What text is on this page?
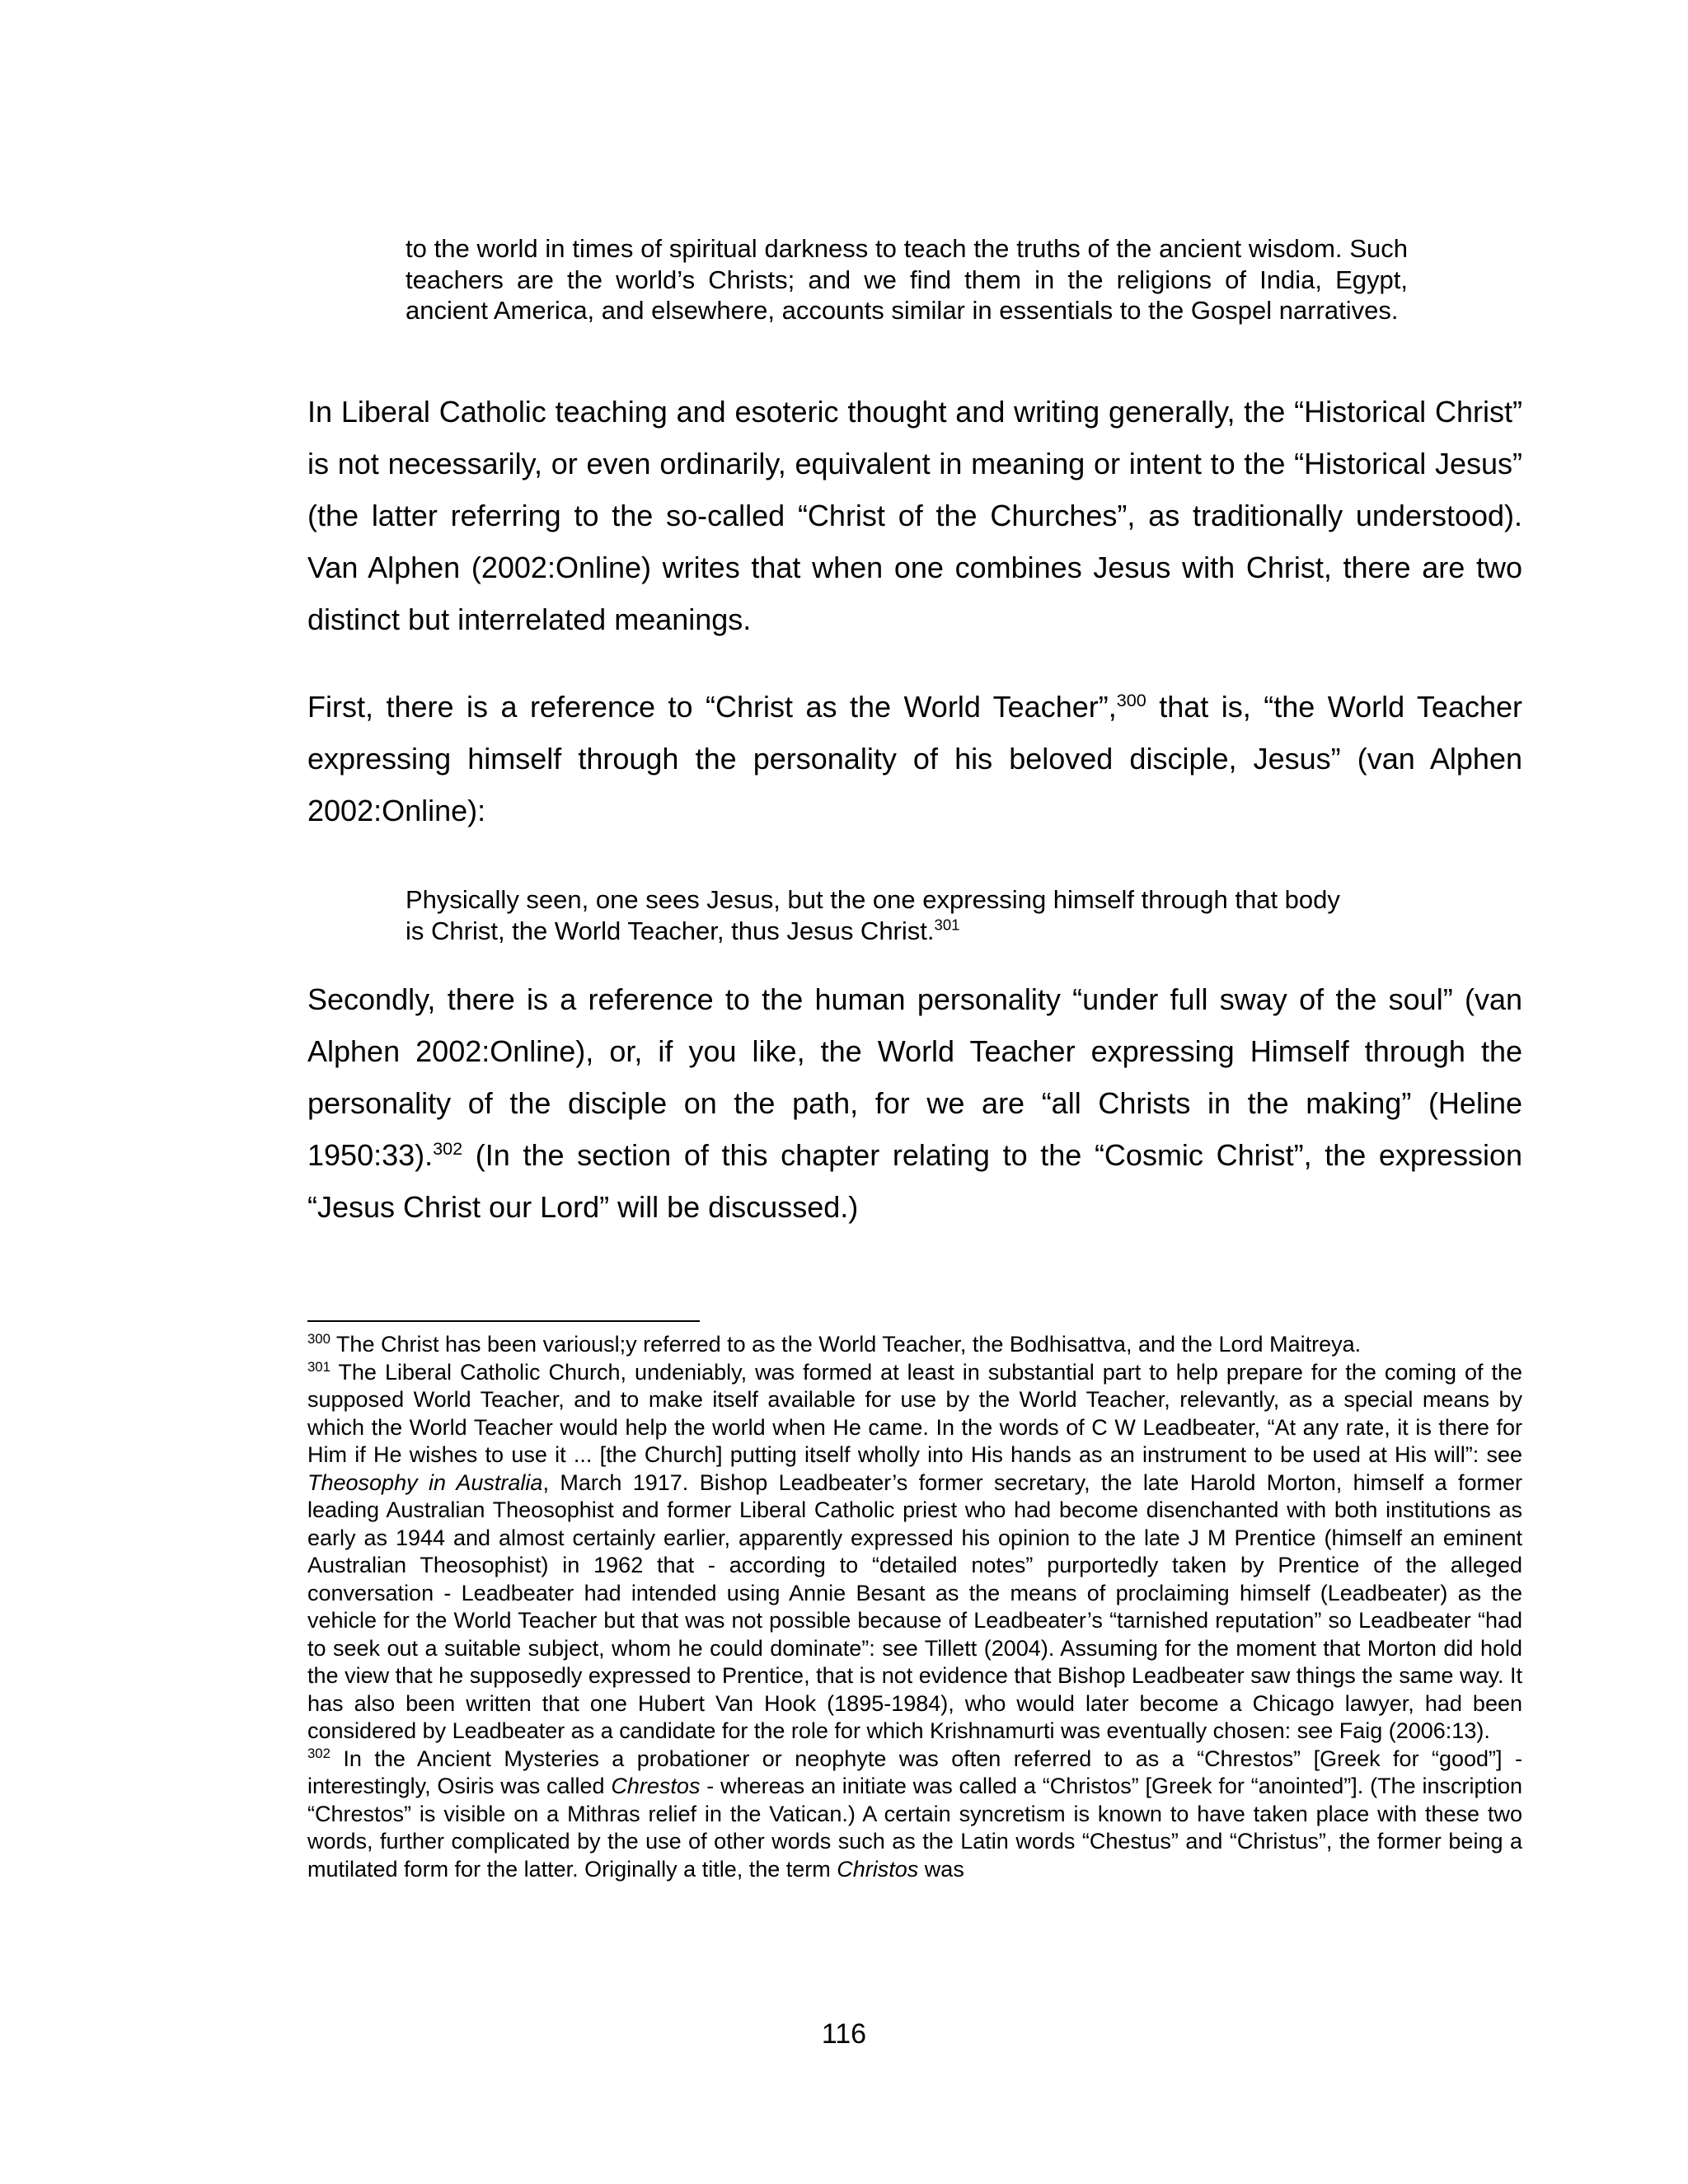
to the world in times of spiritual darkness to teach the truths of the ancient wisdom. Such teachers are the world’s Christs; and we find them in the religions of India, Egypt, ancient America, and elsewhere, accounts similar in essentials to the Gospel narratives.
In Liberal Catholic teaching and esoteric thought and writing generally, the “Historical Christ” is not necessarily, or even ordinarily, equivalent in meaning or intent to the “Historical Jesus” (the latter referring to the so-called “Christ of the Churches”, as traditionally understood). Van Alphen (2002:Online) writes that when one combines Jesus with Christ, there are two distinct but interrelated meanings.
First, there is a reference to “Christ as the World Teacher”,$^{300}$ that is, “the World Teacher expressing himself through the personality of his beloved disciple, Jesus” (van Alphen 2002:Online):
Physically seen, one sees Jesus, but the one expressing himself through that body
is Christ, the World Teacher, thus Jesus Christ.$^{301}$
Secondly, there is a reference to the human personality “under full sway of the soul” (van Alphen 2002:Online), or, if you like, the World Teacher expressing Himself through the personality of the disciple on the path, for we are “all Christs in the making” (Heline 1950:33).$^{302}$ (In the section of this chapter relating to the “Cosmic Christ”, the expression “Jesus Christ our Lord” will be discussed.)

$^{300}$ The Christ has been variousl;y referred to as the World Teacher, the Bodhisattva, and the Lord Maitreya.

$^{301}$ The Liberal Catholic Church, undeniably, was formed at least in substantial part to help prepare for the coming of the supposed World Teacher, and to make itself available for use by the World Teacher, relevantly, as a special means by which the World Teacher would help the world when He came. In the words of C W Leadbeater, “At any rate, it is there for Him if He wishes to use it ... [the Church] putting itself wholly into His hands as an instrument to be used at His will”: see Theosophy in Australia, March 1917. Bishop Leadbeater’s former secretary, the late Harold Morton, himself a former leading Australian Theosophist and former Liberal Catholic priest who had become disenchanted with both institutions as early as 1944 and almost certainly earlier, apparently expressed his opinion to the late J M Prentice (himself an eminent Australian Theosophist) in 1962 that - according to “detailed notes” purportedly taken by Prentice of the alleged conversation - Leadbeater had intended using Annie Besant as the means of proclaiming himself (Leadbeater) as the vehicle for the World Teacher but that was not possible because of Leadbeater’s “tarnished reputation” so Leadbeater “had to seek out a suitable subject, whom he could dominate”: see Tillett (2004). Assuming for the moment that Morton did hold the view that he supposedly expressed to Prentice, that is not evidence that Bishop Leadbeater saw things the same way. It has also been written that one Hubert Van Hook (1895-1984), who would later become a Chicago lawyer, had been considered by Leadbeater as a candidate for the role for which Krishnamurti was eventually chosen: see Faig (2006:13).

$^{302}$ In the Ancient Mysteries a probationer or neophyte was often referred to as a “Chrestos” [Greek for “good”] - interestingly, Osiris was called Chrestos - whereas an initiate was called a “Christos” [Greek for “anointed”]. (The inscription “Chrestos” is visible on a Mithras relief in the Vatican.) A certain syncretism is known to have taken place with these two words, further complicated by the use of other words such as the Latin words “Chestus” and “Christus”, the former being a mutilated form for the latter. Originally a title, the term Christos was

116
